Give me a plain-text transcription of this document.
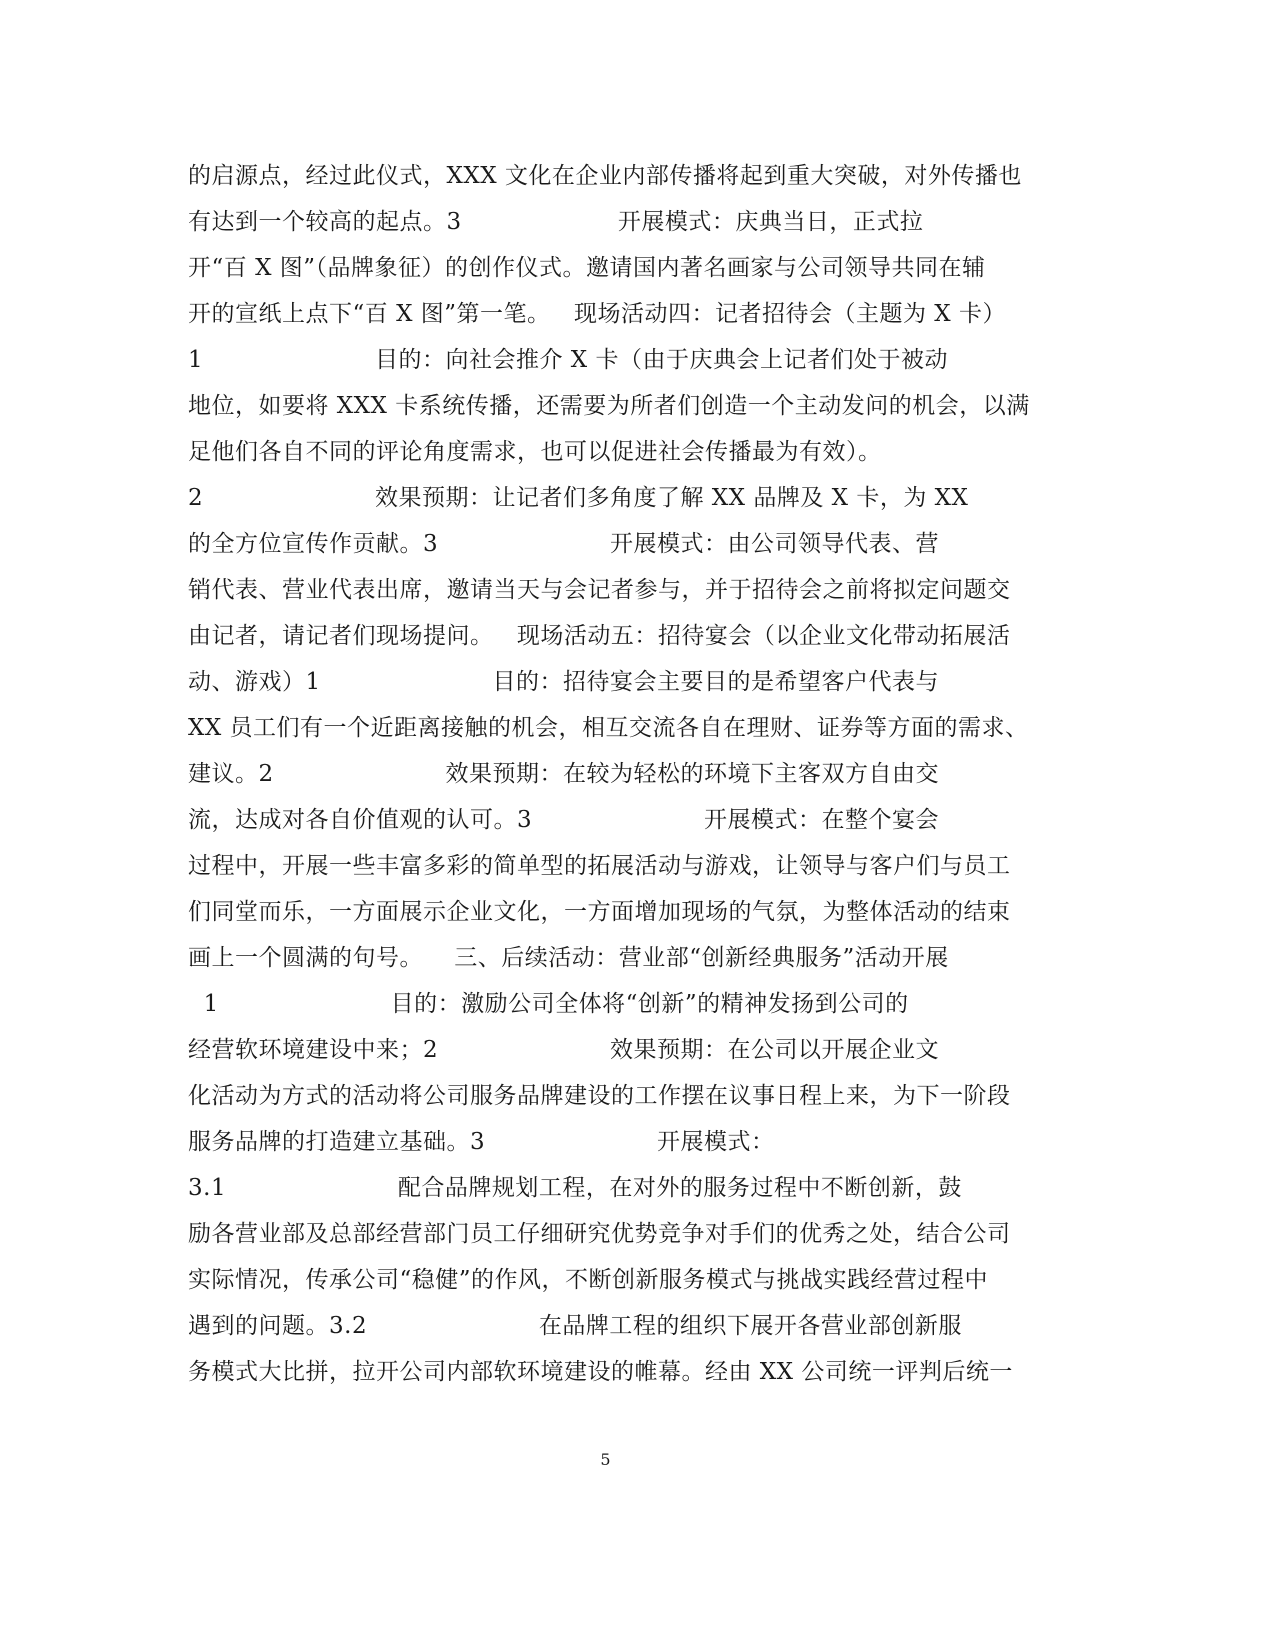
的启源点，经过此仪式，XXX 文化在企业内部传播将起到重大突破，对外传播也
有达到一个较高的起点。3                    开展模式：庆典当日，正式拉
开“百 X 图”（品牌象征）的创作仪式。邀请国内著名画家与公司领导共同在辅
开的宣纸上点下“百 X 图”第一笔。   现场活动四：记者招待会（主题为 X 卡）
1                      目的：向社会推介 X 卡（由于庆典会上记者们处于被动
地位，如要将 XXX 卡系统传播，还需要为所者们创造一个主动发问的机会，以满
足他们各自不同的评论角度需求，也可以促进社会传播最为有效）。
2                      效果预期：让记者们多角度了解 XX 品牌及 X 卡，为 XX
的全方位宣传作贡献。3                      开展模式：由公司领导代表、营
销代表、营业代表出席，邀请当天与会记者参与，并于招待会之前将拟定问题交
由记者，请记者们现场提问。   现场活动五：招待宴会（以企业文化带动拓展活
动、游戏）1                      目的：招待宴会主要目的是希望客户代表与
XX 员工们有一个近距离接触的机会，相互交流各自在理财、证券等方面的需求、
建议。2                      效果预期：在较为轻松的环境下主客双方自由交
流，达成对各自价值观的认可。3                      开展模式：在整个宴会
过程中，开展一些丰富多彩的简单型的拓展活动与游戏，让领导与客户们与员工
们同堂而乐，一方面展示企业文化，一方面增加现场的气氛，为整体活动的结束
画上一个圆满的句号。    三、后续活动：营业部“创新经典服务”活动开展
1                      目的：激励公司全体将“创新”的精神发扬到公司的
经营软环境建设中来；2                      效果预期：在公司以开展企业文
化活动为方式的活动将公司服务品牌建设的工作摆在议事日程上来，为下一阶段
服务品牌的打造建立基础。3                      开展模式：
3.1                      配合品牌规划工程，在对外的服务过程中不断创新，鼓
励各营业部及总部经营部门员工仔细研究优势竞争对手们的优秀之处，结合公司
实际情况，传承公司“稳健”的作风，不断创新服务模式与挑战实践经营过程中
遇到的问题。3.2                      在品牌工程的组织下展开各营业部创新服
务模式大比拼，拉开公司内部软环境建设的帷幕。经由 XX 公司统一评判后统一
5
